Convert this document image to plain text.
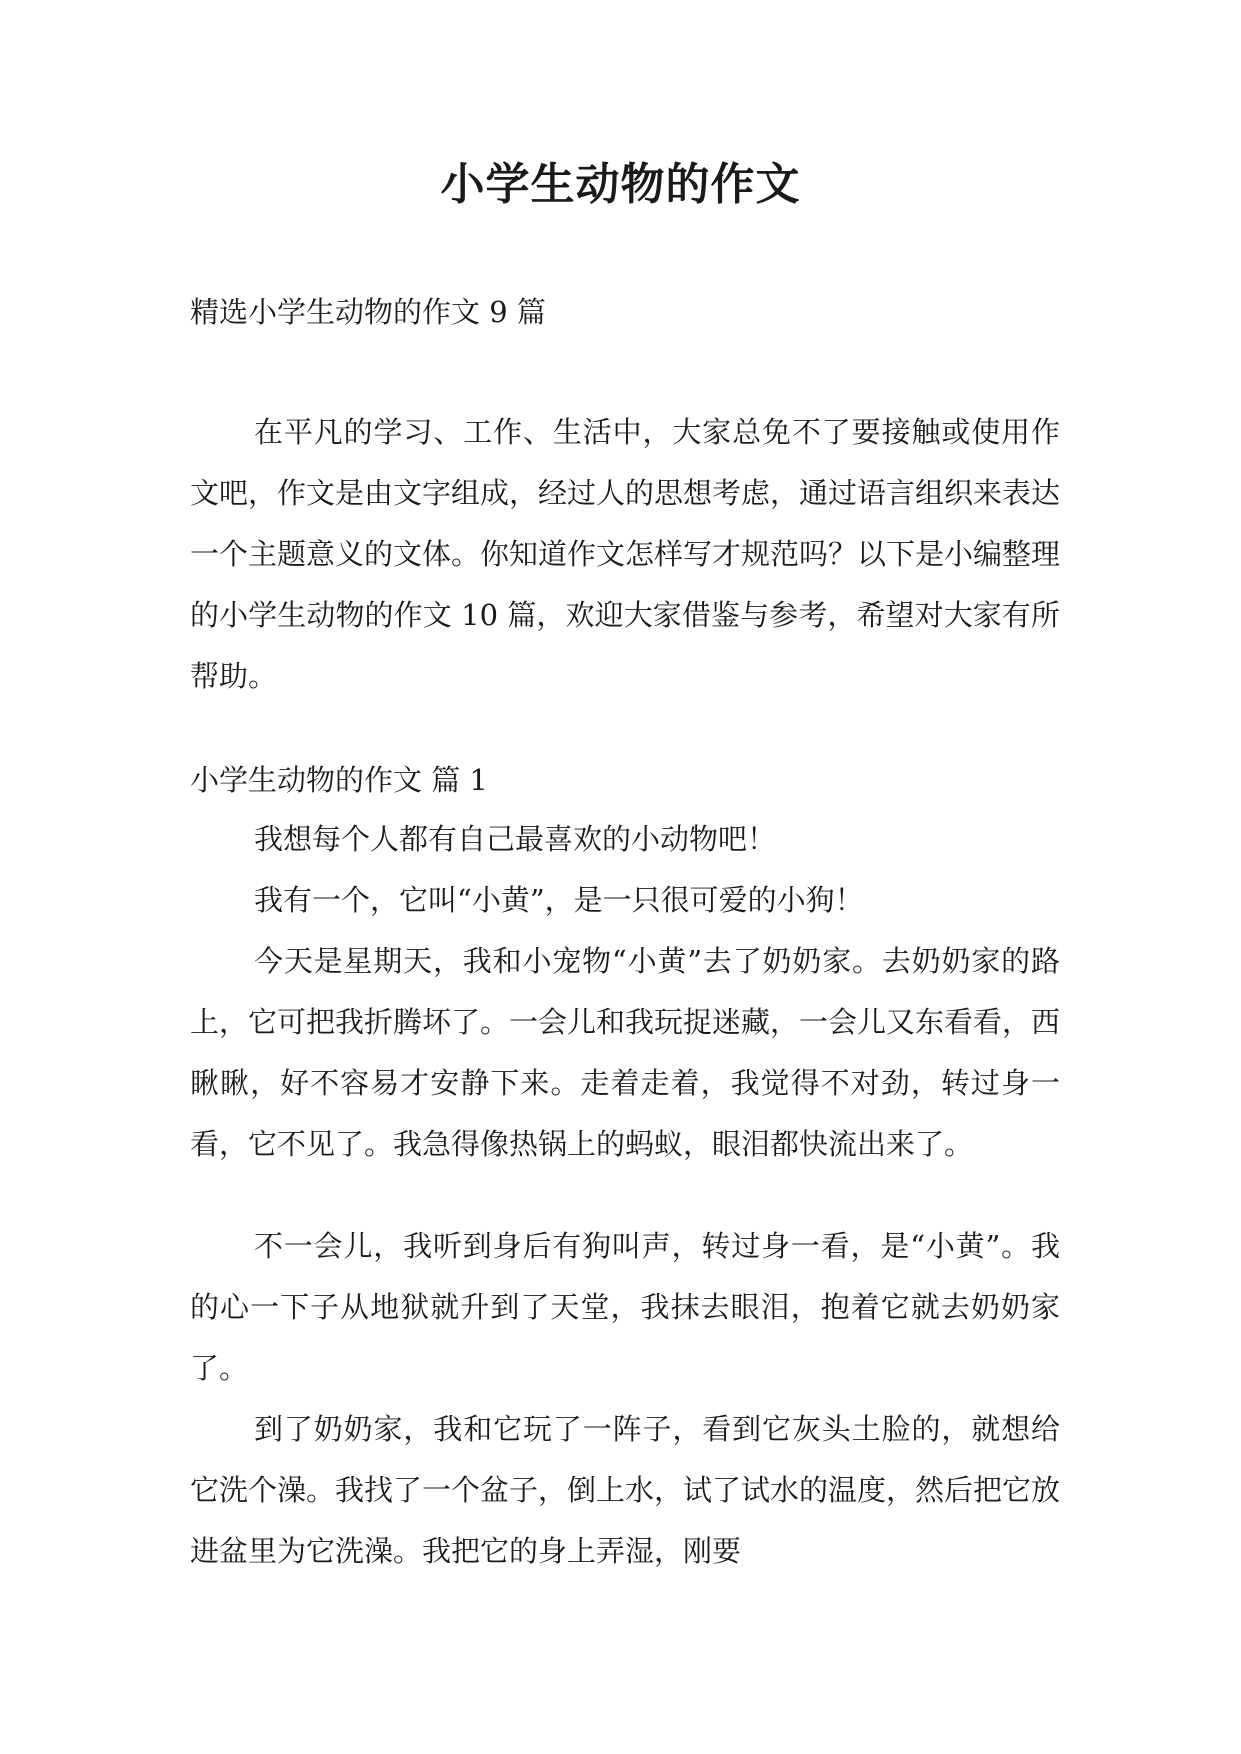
小学生动物的作文

精选小学生动物的作文 9 篇

在平凡的学习、工作、生活中，大家总免不了要接触或使用作文吧，作文是由文字组成，经过人的思想考虑，通过语言组织来表达一个主题意义的文体。你知道作文怎样写才规范吗？以下是小编整理的小学生动物的作文 10 篇，欢迎大家借鉴与参考，希望对大家有所帮助。

小学生动物的作文 篇 1

我想每个人都有自己最喜欢的小动物吧！

我有一个，它叫“小黄”，是一只很可爱的小狗！

今天是星期天，我和小宠物“小黄”去了奶奶家。去奶奶家的路上，它可把我折腾坏了。一会儿和我玩捉迷藏，一会儿又东看看，西瞅瞅，好不容易才安静下来。走着走着，我觉得不对劲，转过身一看，它不见了。我急得像热锅上的蚂蚁，眼泪都快流出来了。

不一会儿，我听到身后有狗叫声，转过身一看，是“小黄”。我的心一下子从地狱就升到了天堂，我抹去眼泪，抱着它就去奶奶家了。

到了奶奶家，我和它玩了一阵子，看到它灰头土脸的，就想给它洗个澡。我找了一个盆子，倒上水，试了试水的温度，然后把它放进盆里为它洗澡。我把它的身上弄湿，刚要
